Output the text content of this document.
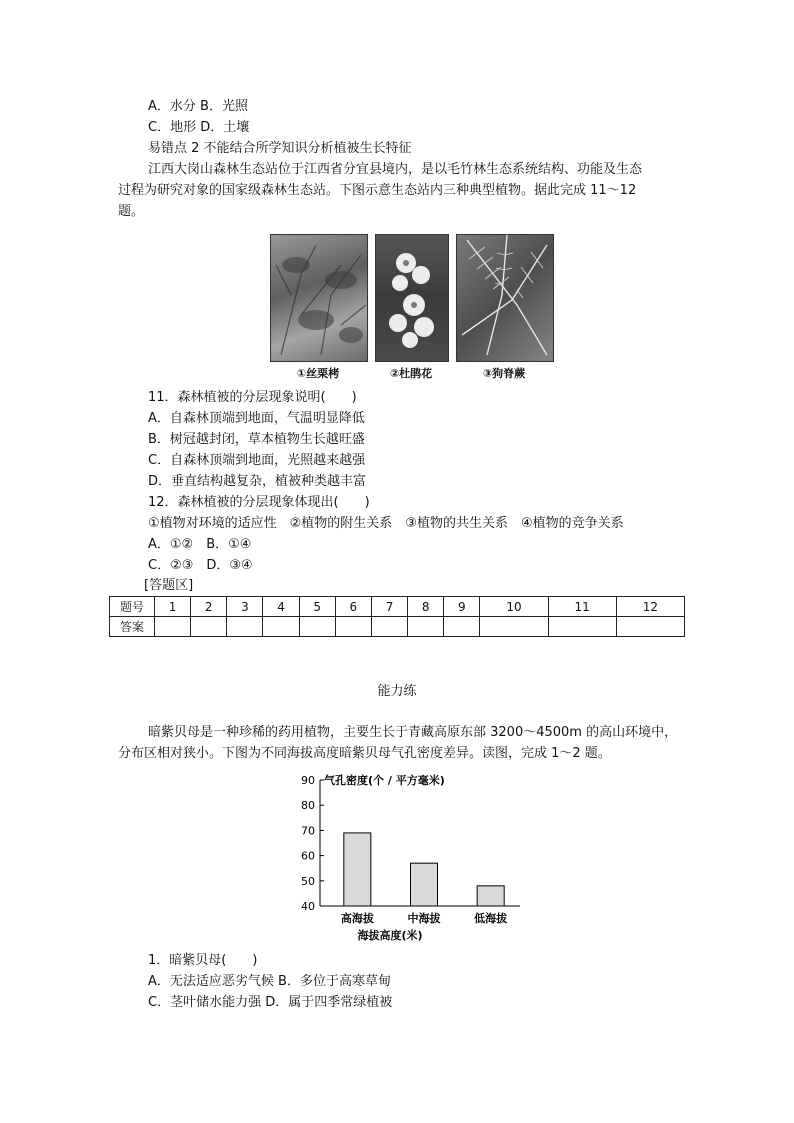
A．水分 B．光照
C．地形 D．土壤
易错点 2 不能结合所学知识分析植被生长特征
江西大岗山森林生态站位于江西省分宜县境内，是以毛竹林生态系统结构、功能及生态
过程为研究对象的国家级森林生态站。下图示意生态站内三种典型植物。据此完成 11～12
题。
①丝栗栲	②杜鹃花	③狗脊蕨
11．森林植被的分层现象说明(　　)
A．自森林顶端到地面，气温明显降低
B．树冠越封闭，草本植物生长越旺盛
C．自森林顶端到地面，光照越来越强
D．垂直结构越复杂，植被种类越丰富
12．森林植被的分层现象体现出(　　)
①植物对环境的适应性　②植物的附生关系　③植物的共生关系　④植物的竞争关系
A．①②　B．①④
C．②③　D．③④
[答题区]
题号	1	2	3	4	5	6	7	8	9	10	11	12
答案												
能力练
暗紫贝母是一种珍稀的药用植物，主要生长于青藏高原东部 3200～4500m 的高山环境中，
分布区相对狭小。下图为不同海拔高度暗紫贝母气孔密度差异。读图，完成 1～2 题。
40
50
60
70
80
90 气孔密度(个 / 平方毫米)
高海拔	中海拔	低海拔
海拔高度(米)
1．暗紫贝母(　　)
A．无法适应恶劣气候 B．多位于高寒草甸
C．茎叶储水能力强 D．属于四季常绿植被
